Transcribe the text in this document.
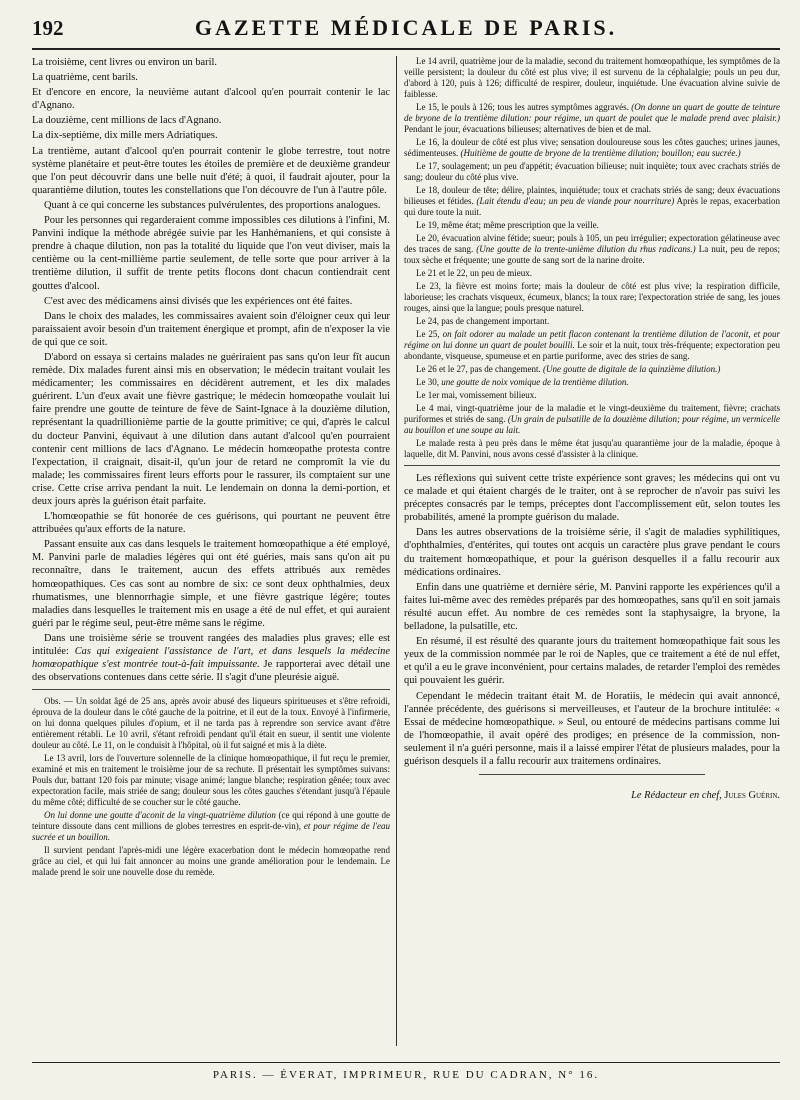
192	GAZETTE MÉDICALE DE PARIS.

La troisième, cent livres ou environ un baril.

La quatrième, cent barils.

Et d'encore en encore, la neuvième autant d'alcool qu'en pourrait contenir le lac d'Agnano.

La douzième, cent millions de lacs d'Agnano.

La dix-septième, dix mille mers Adriatiques.

La trentième, autant d'alcool qu'en pourrait contenir le globe terrestre, tout notre système planétaire et peut-être toutes les étoiles de première et de deuxième grandeur que l'on peut découvrir dans une belle nuit d'été; à quoi, il faudrait ajouter, pour la quarantième dilution, toutes les constellations que l'on découvre de l'un à l'autre pôle.

Quant à ce qui concerne les substances pulvérulentes, des proportions analogues.

Pour les personnes qui regarderaient comme impossibles ces dilutions à l'infini, M. Panvini indique la méthode abrégée suivie par les Hanhémaniens, et qui consiste à prendre à chaque dilution, non pas la totalité du liquide que l'on veut diviser, mais la centième ou la cent-millième partie seulement, de telle sorte que pour arriver à la trentième dilution, il suffit de trente petits flocons dont chacun contiendrait cent gouttes d'alcool.

C'est avec des médicamens ainsi divisés que les expériences ont été faites.

Dans le choix des malades, les commissaires avaient soin d'éloigner ceux qui leur paraissaient avoir besoin d'un traitement énergique et prompt, afin de n'exposer la vie de qui que ce soit.

D'abord on essaya si certains malades ne guériraient pas sans qu'on leur fît aucun remède. Dix malades furent ainsi mis en observation; le médecin traitant voulait les médicamenter; les commissaires en décidèrent autrement, et les dix malades guérirent. L'un d'eux avait une fièvre gastrique; le médecin homœopathe voulait lui faire prendre une goutte de teinture de fève de Saint-Ignace à la douzième dilution, représentant la quadrillionième partie de la goutte primitive; ce qui, d'après le calcul du docteur Panvini, équivaut à une dilution dans autant d'alcool qu'en pourraient contenir cent millions de lacs d'Agnano. Le médecin homœopathe protesta contre l'expectation, il craignait, disait-il, qu'un jour de retard ne compromît la vie du malade; les commissaires firent leurs efforts pour le rassurer, ils comptaient sur une crise. Cette crise arriva pendant la nuit. Le lendemain on donna la demi-portion, et deux jours après la guérison était parfaite.

L'homœopathie se fût honorée de ces guérisons, qui pourtant ne peuvent être attribuées qu'aux efforts de la nature.

Passant ensuite aux cas dans lesquels le traitement homœopathique a été employé, M. Panvini parle de maladies légères qui ont été guéries, mais sans qu'on ait pu reconnaître, dans le traitement, aucun des effets attribués aux remèdes homœopathiques. Ces cas sont au nombre de six: ce sont deux ophthalmies, deux rhumatismes, une blennorrhagie simple, et une fièvre gastrique légère; toutes maladies dans lesquelles le traitement mis en usage a été de nul effet, et qui auraient guéri par le régime seul, peut-être même sans le régime.

Dans une troisième série se trouvent rangées des maladies plus graves; elle est intitulée: Cas qui exigeaient l'assistance de l'art, et dans lesquels la médecine homœopathique s'est montrée tout-à-fait impuissante. Je rapporterai avec détail une des observations contenues dans cette série. Il s'agit d'une pleurésie aiguë.

Obs. — Un soldat âgé de 25 ans, après avoir abusé des liqueurs spiritueuses et s'être refroidi, éprouva de la douleur dans le côté gauche de la poitrine, et il eut de la toux. Envoyé à l'infirmerie, on lui donna quelques pilules d'opium, et il ne tarda pas à reprendre son service avant d'être entièrement rétabli. Le 10 avril, s'étant refroidi pendant qu'il était en sueur, il sentit une violente douleur au côté. Le 11, on le conduisit à l'hôpital, où il fut saigné et mis à la diète.

Le 13 avril, lors de l'ouverture solennelle de la clinique homœopathique, il fut reçu le premier, examiné et mis en traitement le troisième jour de sa rechute. Il présentait les symptômes suivans: Pouls dur, battant 120 fois par minute; visage animé; langue blanche; respiration gênée; toux avec expectoration facile, mais striée de sang; douleur sous les côtes gauches s'étendant jusqu'à l'épaule du même côté; difficulté de se coucher sur le côté gauche.

On lui donne une goutte d'aconit de la vingt-quatrième dilution (ce qui répond à une goutte de teinture dissoute dans cent millions de globes terrestres en esprit-de-vin), et pour régime de l'eau sucrée et un bouillon.

Il survient pendant l'après-midi une légère exacerbation dont le médecin homœopathe rend grâce au ciel, et qui lui fait annoncer au moins une grande amélioration pour le lendemain. Le malade prend le soir une nouvelle dose du remède.

Le 14 avril, quatrième jour de la maladie, second du traitement homœopathique, les symptômes de la veille persistent; la douleur du côté est plus vive; il est survenu de la céphalalgie; pouls un peu dur, d'abord à 120, puis à 126; difficulté de respirer, douleur, inquiétude. Une évacuation alvine suivie de faiblesse.

Le 15, le pouls à 126; tous les autres symptômes aggravés. (On donne un quart de goutte de teinture de bryone de la trentième dilution: pour régime, un quart de poulet que le malade prend avec plaisir.) Pendant le jour, évacuations bilieuses; alternatives de bien et de mal.

Le 16, la douleur de côté est plus vive; sensation douloureuse sous les côtes gauches; urines jaunes, sédimenteuses. (Huitième de goutte de bryone de la trentième dilution; bouillon; eau sucrée.)

Le 17, soulagement; un peu d'appétit; évacuation bilieuse; nuit inquiète; toux avec crachats striés de sang; douleur du côté plus vive.

Le 18, douleur de tête; délire, plaintes, inquiétude; toux et crachats striés de sang; deux évacuations bilieuses et fétides. (Lait étendu d'eau; un peu de viande pour nourriture) Après le repas, exacerbation qui dure toute la nuit.

Le 19, même état; même prescription que la veille.

Le 20, évacuation alvine fétide; sueur; pouls à 105, un peu irrégulier; expectoration gélatineuse avec des traces de sang. (Une goutte de la trente-unième dilution du rhus radicans.) La nuit, peu de repos; toux sèche et fréquente; une goutte de sang sort de la narine droite.

Le 21 et le 22, un peu de mieux.

Le 23, la fièvre est moins forte; mais la douleur de côté est plus vive; la respiration difficile, laborieuse; les crachats visqueux, écumeux, blancs; la toux rare; l'expectoration striée de sang, les joues rouges, ainsi que la langue; pouls presque naturel.

Le 24, pas de changement important.

Le 25, on fait odorer au malade un petit flacon contenant la trentième dilution de l'aconit, et pour régime on lui donne un quart de poulet bouilli. Le soir et la nuit, toux très-fréquente; expectoration peu abondante, visqueuse, spumeuse et en partie puriforme, avec des stries de sang.

Le 26 et le 27, pas de changement. (Une goutte de digitale de la quinzième dilution.)

Le 30, une goutte de noix vomique de la trentième dilution.

Le 1er mai, vomissement bilieux.

Le 4 mai, vingt-quatrième jour de la maladie et le vingt-deuxième du traitement, fièvre; crachats puriformes et striés de sang. (Un grain de pulsatille de la douzième dilution; pour régime, un vermicelle au bouillon et une soupe au lait.

Le malade resta à peu près dans le même état jusqu'au quarantième jour de la maladie, époque à laquelle, dit M. Panvini, nous avons cessé d'assister à la clinique.

Les réflexions qui suivent cette triste expérience sont graves; les médecins qui ont vu ce malade et qui étaient chargés de le traiter, ont à se reprocher de n'avoir pas suivi les préceptes consacrés par le temps, préceptes dont l'accomplissement eût, selon toutes les probabilités, amené la prompte guérison du malade.

Dans les autres observations de la troisième série, il s'agit de maladies syphilitiques, d'ophthalmies, d'entérites, qui toutes ont acquis un caractère plus grave pendant le cours du traitement homœopathique, et pour la guérison desquelles il a fallu recourir aux médications ordinaires.

Enfin dans une quatrième et dernière série, M. Panvini rapporte les expériences qu'il a faites lui-même avec des remèdes préparés par des homœopathes, sans qu'il en soit jamais résulté aucun effet. Au nombre de ces remèdes sont la staphysaigre, la bryone, la belladone, la pulsatille, etc.

En résumé, il est résulté des quarante jours du traitement homœopathique fait sous les yeux de la commission nommée par le roi de Naples, que ce traitement a été de nul effet, et qu'il a eu le grave inconvénient, pour certains malades, de retarder l'emploi des remèdes qui pouvaient les guérir.

Cependant le médecin traitant était M. de Horatiis, le médecin qui avait annoncé, l'année précédente, des guérisons si merveilleuses, et l'auteur de la brochure intitulée: « Essai de médecine homœopathique. » Seul, ou entouré de médecins partisans comme lui de l'homœopathie, il avait opéré des prodiges; en présence de la commission, non-seulement il n'a guéri personne, mais il a laissé empirer l'état de plusieurs malades, pour la guérison desquels il a fallu recourir aux traitemens ordinaires.

Le Rédacteur en chef, Jules Guérin.
PARIS. — ÉVERAT, IMPRIMEUR, RUE DU CADRAN, N° 16.
